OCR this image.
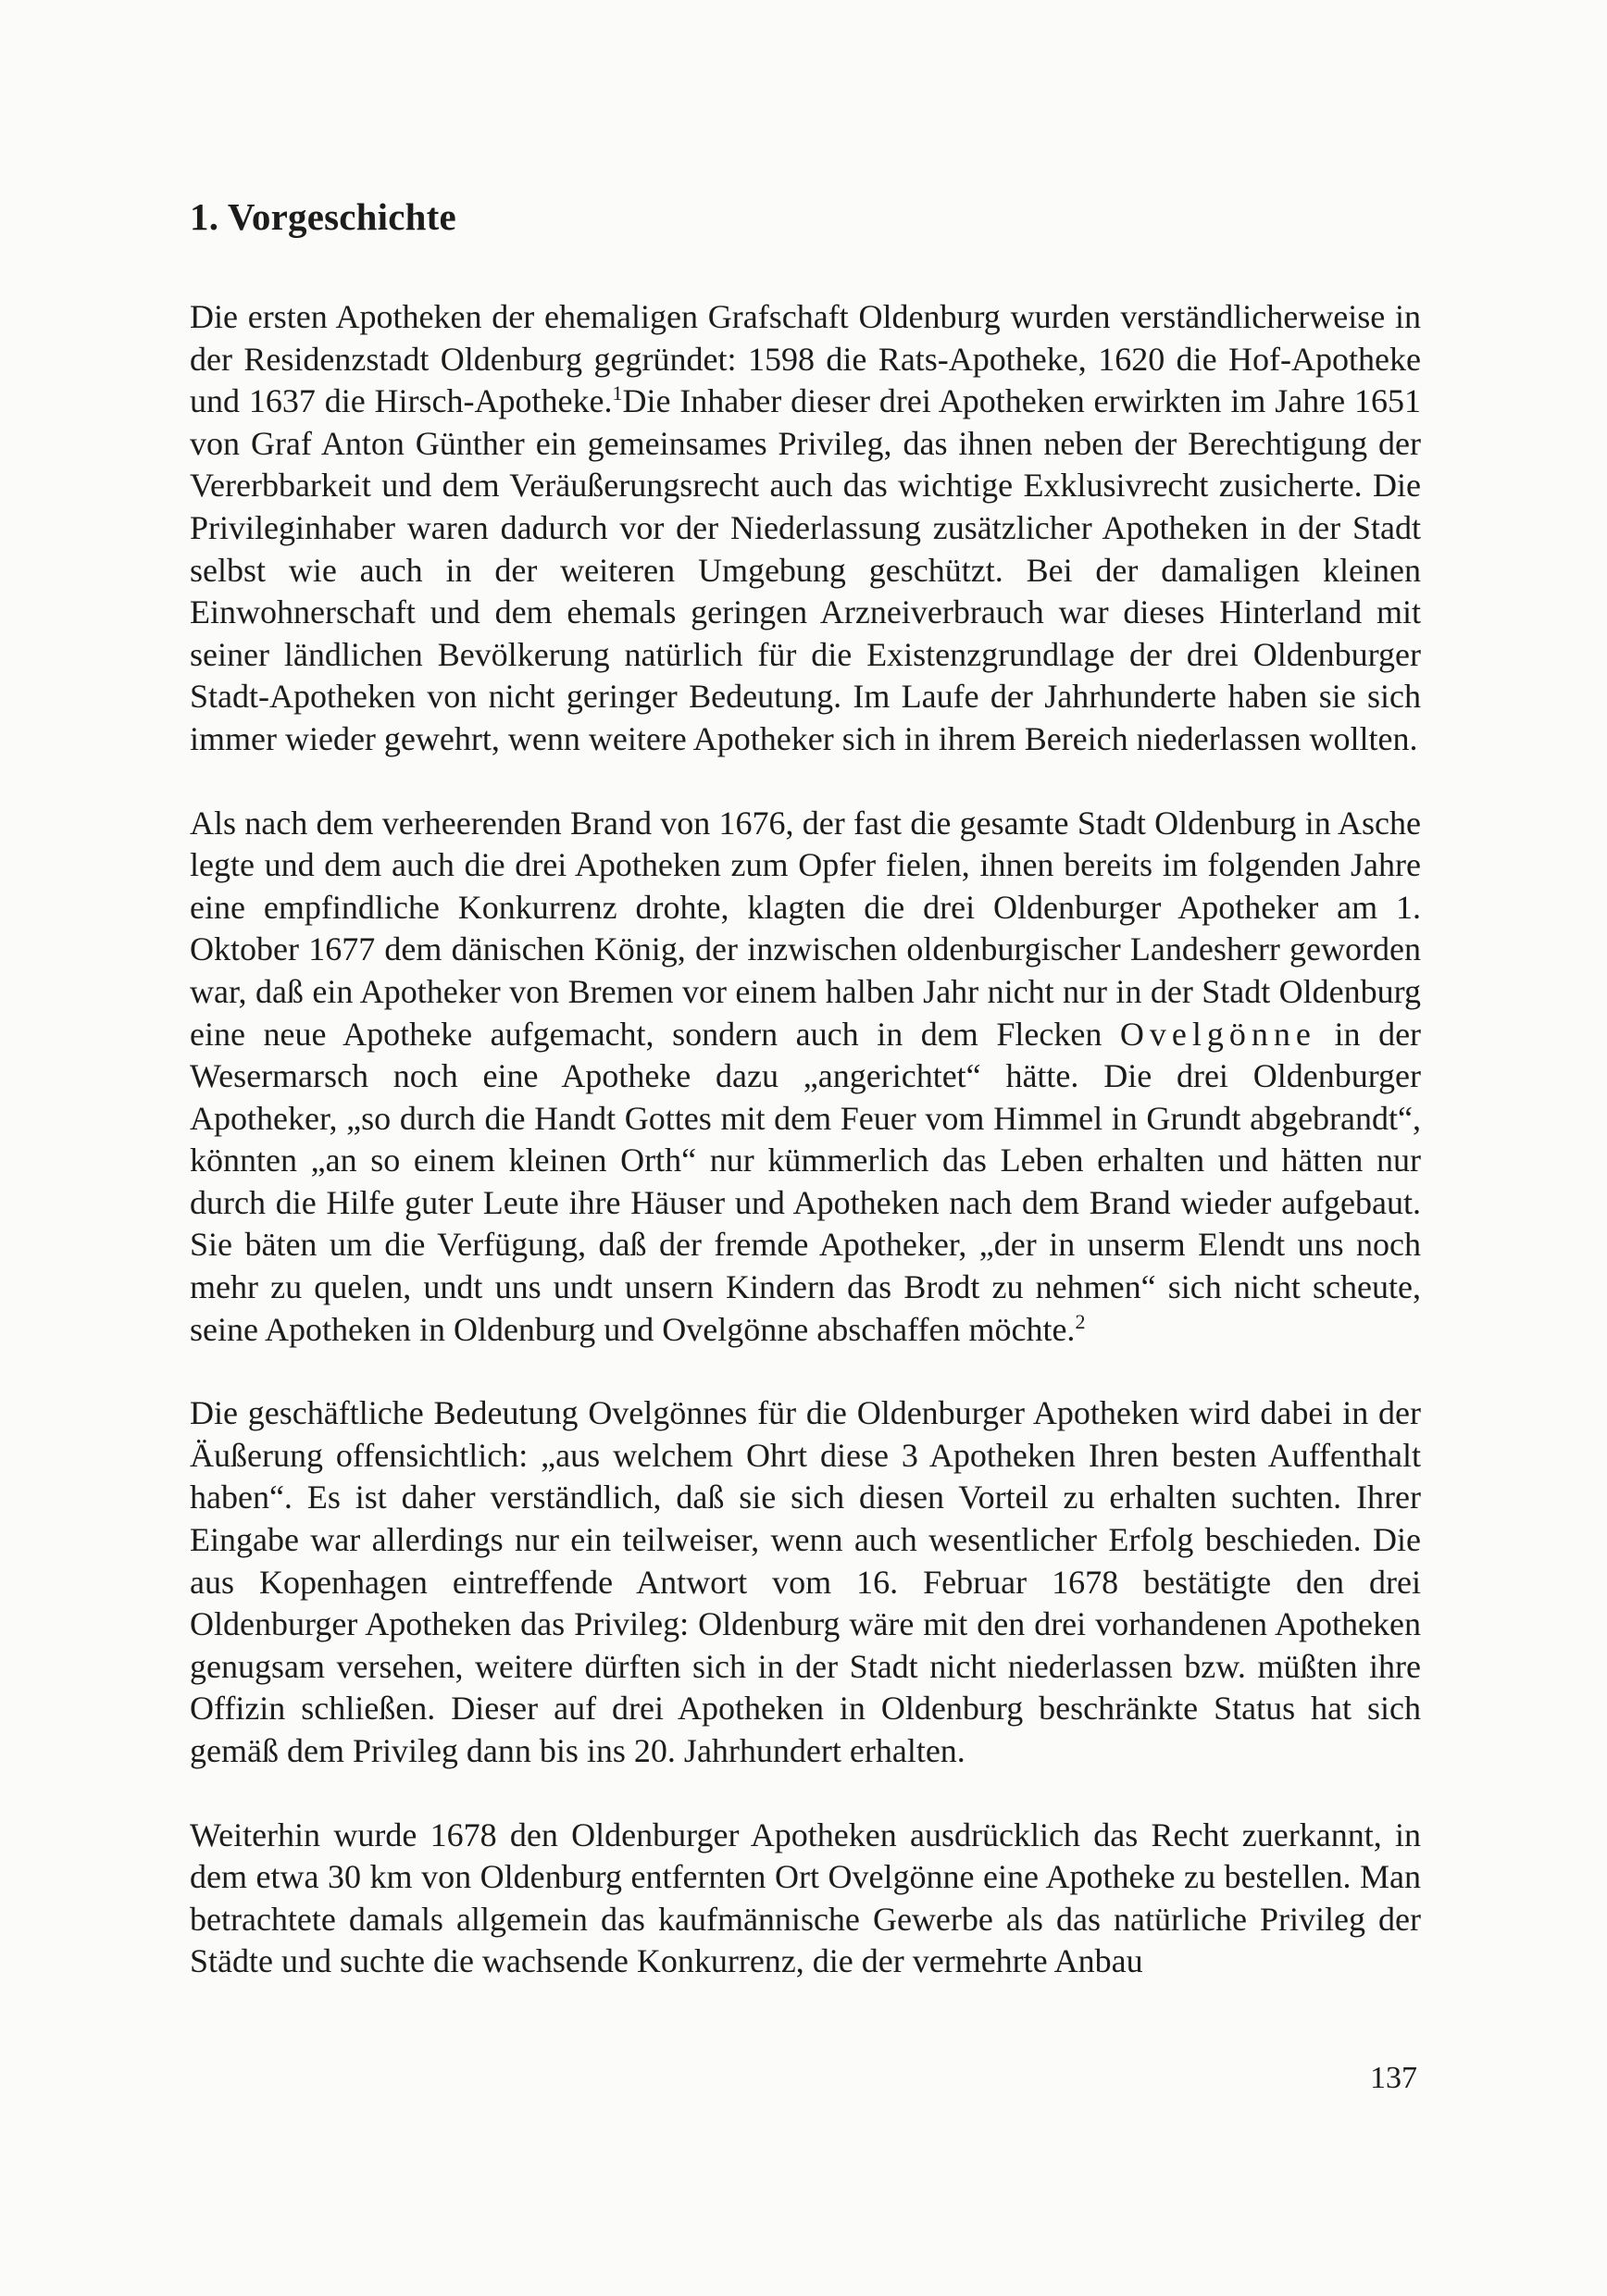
1. Vorgeschichte

Die ersten Apotheken der ehemaligen Grafschaft Oldenburg wurden verständlicherweise in der Residenzstadt Oldenburg gegründet: 1598 die Rats-Apotheke, 1620 die Hof-Apotheke und 1637 die Hirsch-Apotheke.$^1$Die Inhaber dieser drei Apotheken erwirkten im Jahre 1651 von Graf Anton Günther ein gemeinsames Privileg, das ihnen neben der Berechtigung der Vererbbarkeit und dem Veräußerungsrecht auch das wichtige Exklusivrecht zusicherte. Die Privileginhaber waren dadurch vor der Niederlassung zusätzlicher Apotheken in der Stadt selbst wie auch in der weiteren Umgebung geschützt. Bei der damaligen kleinen Einwohnerschaft und dem ehemals geringen Arzneiverbrauch war dieses Hinterland mit seiner ländlichen Bevölkerung natürlich für die Existenzgrundlage der drei Oldenburger Stadt-Apotheken von nicht geringer Bedeutung. Im Laufe der Jahrhunderte haben sie sich immer wieder gewehrt, wenn weitere Apotheker sich in ihrem Bereich niederlassen wollten.

Als nach dem verheerenden Brand von 1676, der fast die gesamte Stadt Oldenburg in Asche legte und dem auch die drei Apotheken zum Opfer fielen, ihnen bereits im folgenden Jahre eine empfindliche Konkurrenz drohte, klagten die drei Oldenburger Apotheker am 1. Oktober 1677 dem dänischen König, der inzwischen oldenburgischer Landesherr geworden war, daß ein Apotheker von Bremen vor einem halben Jahr nicht nur in der Stadt Oldenburg eine neue Apotheke aufgemacht, sondern auch in dem Flecken Ovelgönne in der Wesermarsch noch eine Apotheke dazu „angerichtet“ hätte. Die drei Oldenburger Apotheker, „so durch die Handt Gottes mit dem Feuer vom Himmel in Grundt abgebrandt“, könnten „an so einem kleinen Orth“ nur kümmerlich das Leben erhalten und hätten nur durch die Hilfe guter Leute ihre Häuser und Apotheken nach dem Brand wieder aufgebaut. Sie bäten um die Verfügung, daß der fremde Apotheker, „der in unserm Elendt uns noch mehr zu quelen, undt uns undt unsern Kindern das Brodt zu nehmen“ sich nicht scheute, seine Apotheken in Oldenburg und Ovelgönne abschaffen möchte.$^2$

Die geschäftliche Bedeutung Ovelgönnes für die Oldenburger Apotheken wird dabei in der Äußerung offensichtlich: „aus welchem Ohrt diese 3 Apotheken Ihren besten Auffenthalt haben“. Es ist daher verständlich, daß sie sich diesen Vorteil zu erhalten suchten. Ihrer Eingabe war allerdings nur ein teilweiser, wenn auch wesentlicher Erfolg beschieden. Die aus Kopenhagen eintreffende Antwort vom 16. Februar 1678 bestätigte den drei Oldenburger Apotheken das Privileg: Oldenburg wäre mit den drei vorhandenen Apotheken genugsam versehen, weitere dürften sich in der Stadt nicht niederlassen bzw. müßten ihre Offizin schließen. Dieser auf drei Apotheken in Oldenburg beschränkte Status hat sich gemäß dem Privileg dann bis ins 20. Jahrhundert erhalten.

Weiterhin wurde 1678 den Oldenburger Apotheken ausdrücklich das Recht zuerkannt, in dem etwa 30 km von Oldenburg entfernten Ort Ovelgönne eine Apotheke zu bestellen. Man betrachtete damals allgemein das kaufmännische Gewerbe als das natürliche Privileg der Städte und suchte die wachsende Konkurrenz, die der vermehrte Anbau

137
